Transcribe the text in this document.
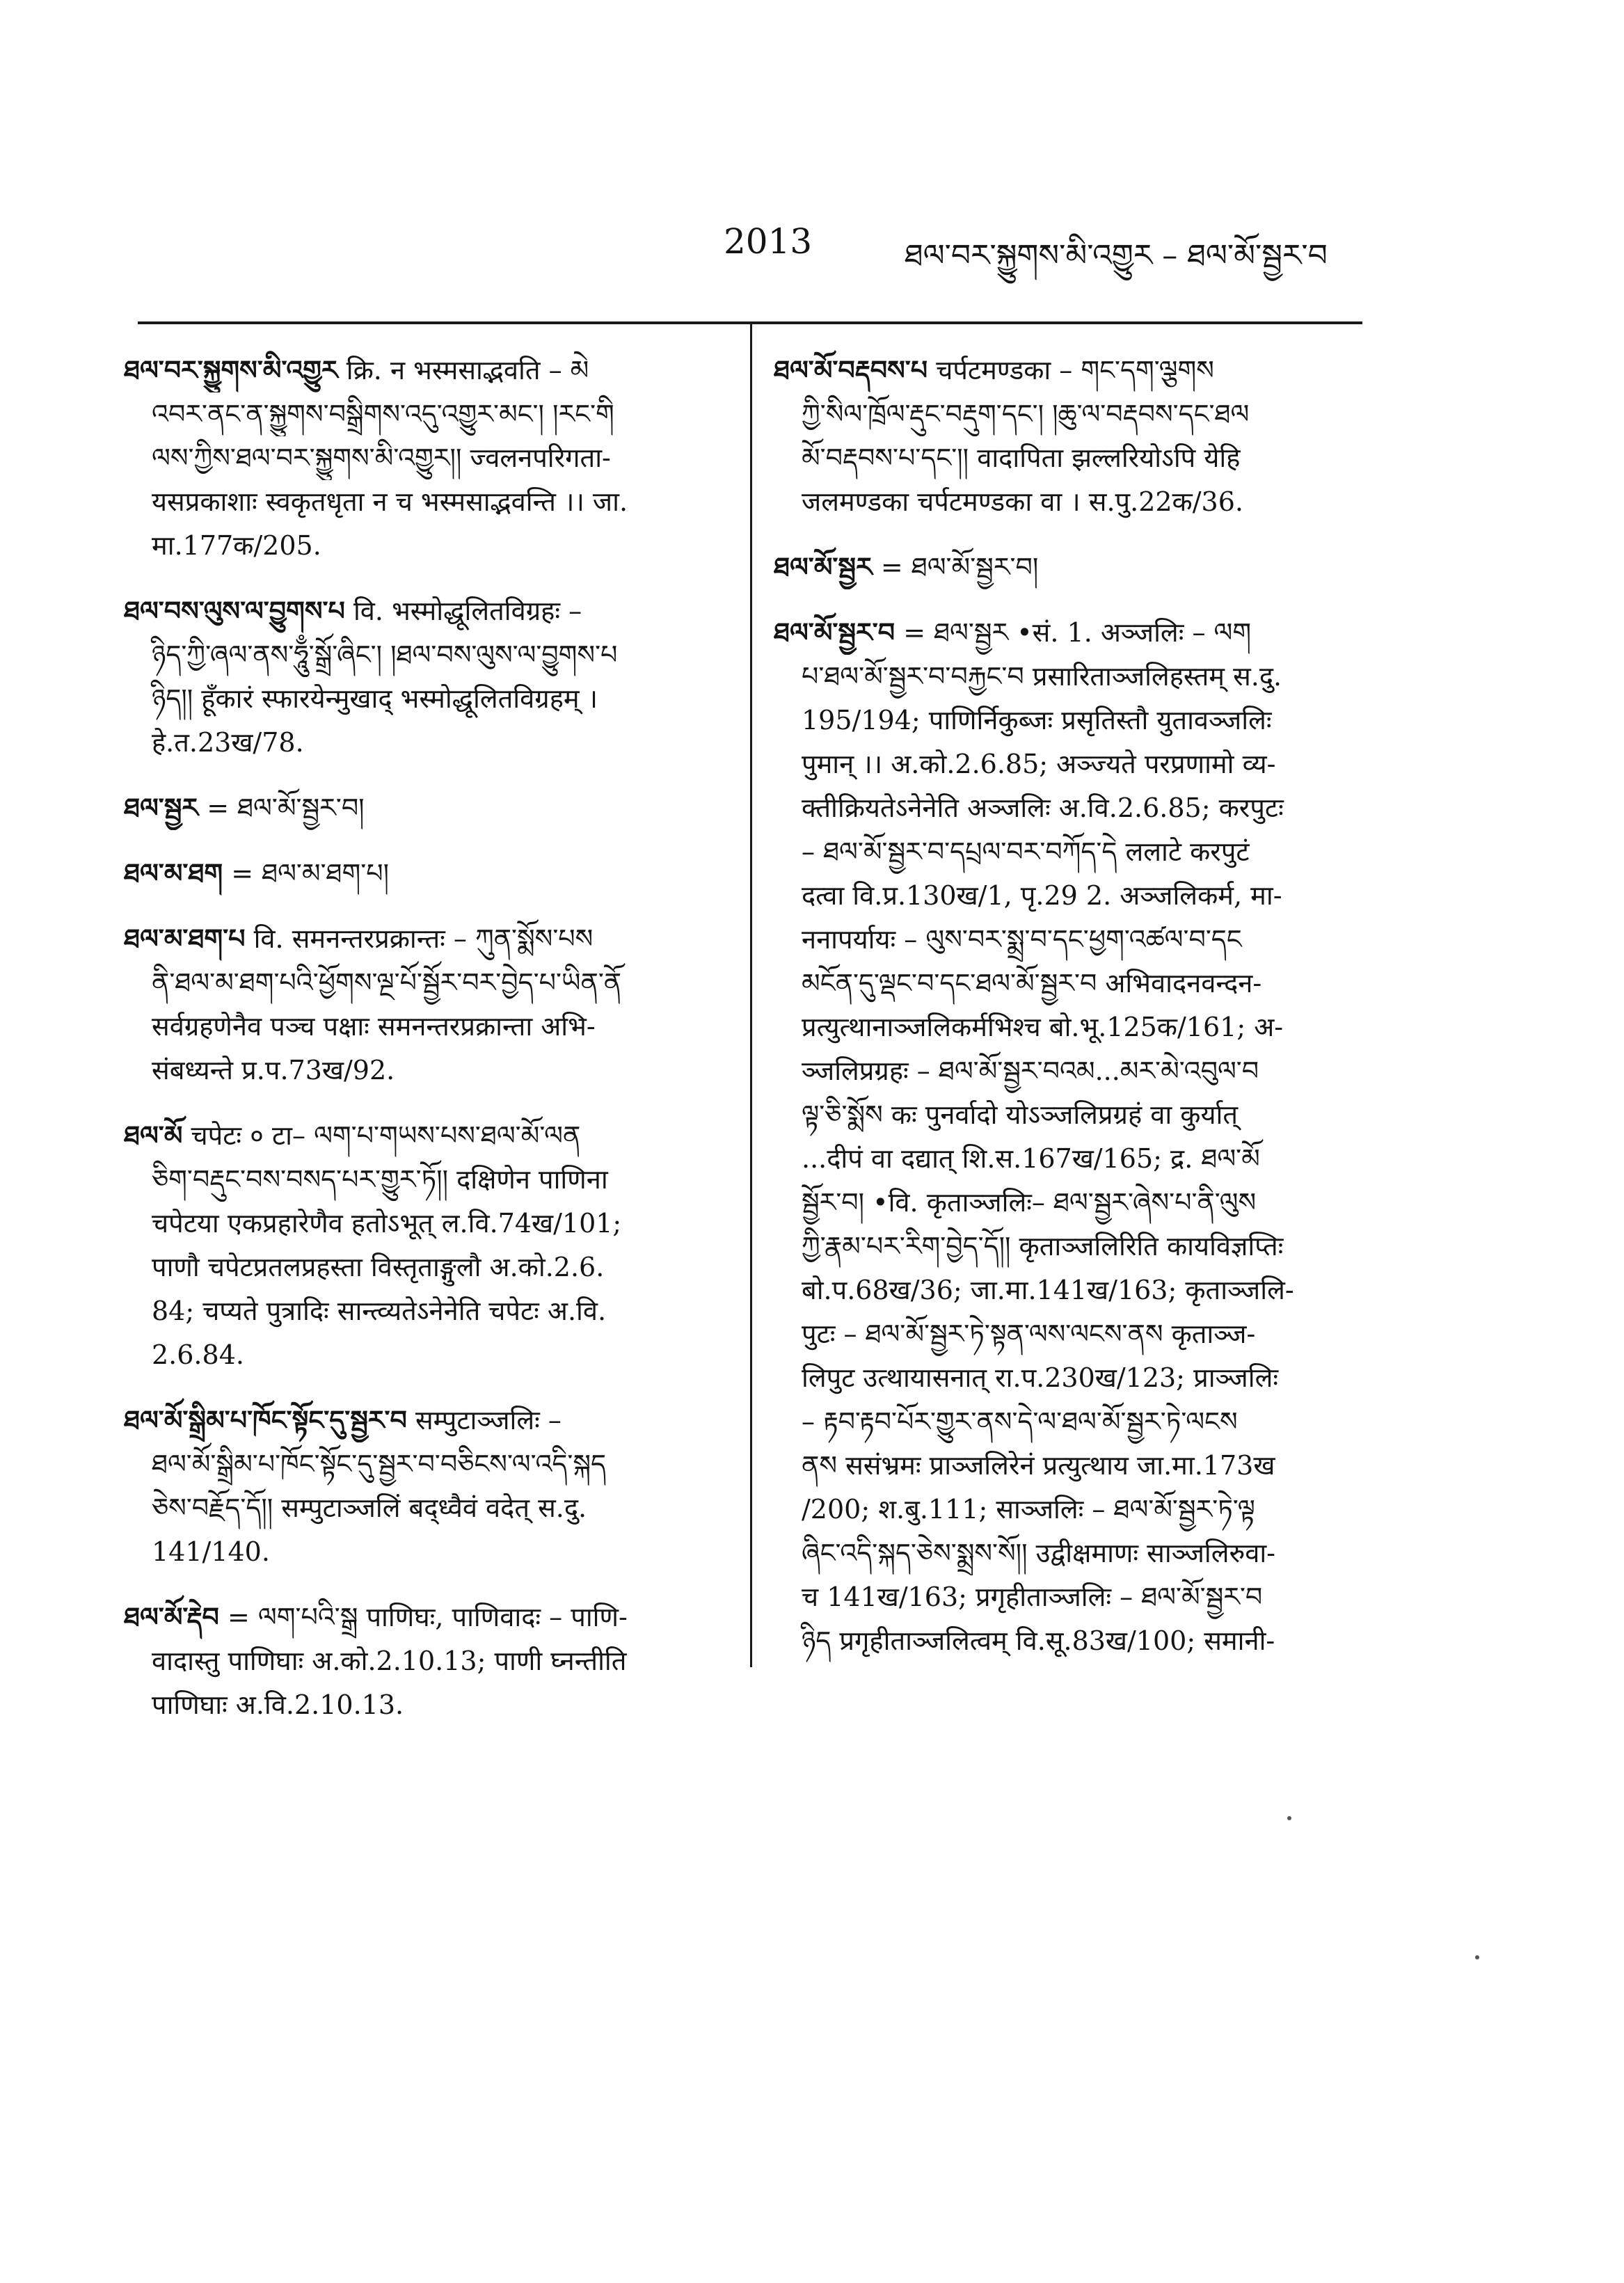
2013	ཐལ་བར་སྐྱུགས་མི་འགྱུར – ཐལ་མོ་སྦྱར་བ
ཐལ་བར་སྐྱུགས་མི་འགྱུར क्रि. न भस्मसाद्भवति – མེ
འབར་ནང་ན་སྐྱུགས་བསྒྲིགས་འདུ་འགྱུར་མང་། །རང་གི
ལས་ཀྱིས་ཐལ་བར་སྐྱུགས་མི་འགྱུར།། ज्वलनपरिगता-
यसप्रकाशाः स्वकृतधृता न च भस्मसाद्भवन्ति ।। जा.
मा.177क/205.
ཐལ་བས་ལུས་ལ་བྱུགས་པ वि. भस्मोद्धूलितविग्रहः –
ཉིད་ཀྱི་ཞལ་ནས་ཧཱུྃ་སྒྲོ་ཞིང་། །ཐལ་བས་ལུས་ལ་བྱུགས་པ
ཉིད།། हूँकारं स्फारयेन्मुखाद् भस्मोद्धूलितविग्रहम् ।
हे.त.23ख/78.
ཐལ་སྦྱར = ཐལ་མོ་སྦྱར་བ།
ཐལ་མ་ཐག = ཐལ་མ་ཐག་པ།
ཐལ་མ་ཐག་པ वि. समनन्तरप्रक्रान्तः – ཀུན་སྨོས་པས
ནི་ཐལ་མ་ཐག་པའི་ཕྱོགས་ལྔ་པོ་སྦྱོར་བར་བྱེད་པ་ཡིན་ནོ
सर्वग्रहणेनैव पञ्च पक्षाः समनन्तरप्रक्रान्ता अभि-
संबध्यन्ते प्र.प.73ख/92.
ཐལ་མོ चपेटः ० टा– ལག་པ་གཡས་པས་ཐལ་མོ་ལན
ཅིག་བརྡུང་བས་བསད་པར་གྱུར་ཏོ།། दक्षिणेन पाणिना
चपेटया एकप्रहारेणैव हतोऽभूत् ल.वि.74ख/101;
पाणौ चपेटप्रतलप्रहस्ता विस्तृताङ्गुलौ अ.को.2.6.
84; चप्यते पुत्रादिः सान्त्व्यतेऽनेनेति चपेटः अ.वि.
2.6.84.
ཐལ་མོ་སྒྲིམ་པ་ཁོང་སྟོང་དུ་སྦྱར་བ सम्पुटाञ्जलिः –
ཐལ་མོ་སྒྲིམ་པ་ཁོང་སྟོང་དུ་སྦྱར་བ་བཅིངས་ལ་འདི་སྐད
ཅེས་བརྗོད་དོ།། सम्पुटाञ्जलिं बद्ध्वैवं वदेत् स.दु.
141/140.
ཐལ་མོ་རྡེབ = ལག་པའི་སྒྲ पाणिघः, पाणिवादः – पाणि-
वादास्तु पाणिघाः अ.को.2.10.13; पाणी घ्नन्तीति
पाणिघाः अ.वि.2.10.13.
ཐལ་མོ་བརྡབས་པ चर्पटमण्डका – གང་དག་ལྕགས
ཀྱི་སིལ་ཁྲོལ་རྡུང་བརྡུག་དང་། །ཆུ་ལ་བརྡབས་དང་ཐལ
མོ་བརྡབས་པ་དང་།། वादापिता झल्लरियोऽपि येहि
जलमण्डका चर्पटमण्डका वा । स.पु.22क/36.
ཐལ་མོ་སྦྱར = ཐལ་མོ་སྦྱར་བ།
ཐལ་མོ་སྦྱར་བ = ཐལ་སྦྱར •सं. 1. अञ्जलिः – ལག
པ་ཐལ་མོ་སྦྱར་བ་བརྐྱང་བ प्रसारिताञ्जलिहस्तम् स.दु.
195/194; पाणिर्निकुब्जः प्रसृतिस्तौ युतावञ्जलिः
पुमान् ।। अ.को.2.6.85; अञ्ज्यते परप्रणामो व्य-
क्तीक्रियतेऽनेनेति अञ्जलिः अ.वि.2.6.85; करपुटः
– ཐལ་མོ་སྦྱར་བ་དཔྲལ་བར་བཀོད་དེ ललाटे करपुटं
दत्वा वि.प्र.130ख/1, पृ.29 2. अञ्जलिकर्म, मा-
ननापर्यायः – ལུས་བར་སྨྲ་བ་དང་ཕྱག་འཚལ་བ་དང
མངོན་དུ་ལྡང་བ་དང་ཐལ་མོ་སྦྱར་བ अभिवादनवन्दन-
प्रत्युत्थानाञ्जलिकर्मभिश्च बो.भू.125क/161; अ-
ञ्जलिप्रग्रहः – ཐལ་མོ་སྦྱར་བའམ...མར་མེ་འབུལ་བ
ལྟ་ཅི་སྨོས कः पुनर्वादो योऽञ्जलिप्रग्रहं वा कुर्यात्
...दीपं वा दद्यात् शि.स.167ख/165; द्र. ཐལ་མོ
སྦྱོར་བ། •वि. कृताञ्जलिः– ཐལ་སྦྱར་ཞེས་པ་ནི་ལུས
ཀྱི་རྣམ་པར་རིག་བྱེད་དོ།། कृताञ्जलिरिति कायविज्ञप्तिः
बो.प.68ख/36; जा.मा.141ख/163; कृताञ्जलि-
पुटः – ཐལ་མོ་སྦྱར་ཏེ་སྟན་ལས་ལངས་ནས कृताञ्ज-
लिपुट उत्थायासनात् रा.प.230ख/123; प्राञ्जलिः
– རྟབ་རྟབ་པོར་གྱུར་ནས་དེ་ལ་ཐལ་མོ་སྦྱར་ཏེ་ལངས
ནས ससंभ्रमः प्राञ्जलिरेनं प्रत्युत्थाय जा.मा.173ख
/200; श.बु.111; साञ्जलिः – ཐལ་མོ་སྦྱར་ཏེ་ལྟ
ཞིང་འདི་སྐད་ཅེས་སྨྲས་སོ།། उद्वीक्षमाणः साञ्जलिरुवा-
च 141ख/163; प्रगृहीताञ्जलिः – ཐལ་མོ་སྦྱར་བ
ཉིད प्रगृहीताञ्जलित्वम् वि.सू.83ख/100; समानी-
